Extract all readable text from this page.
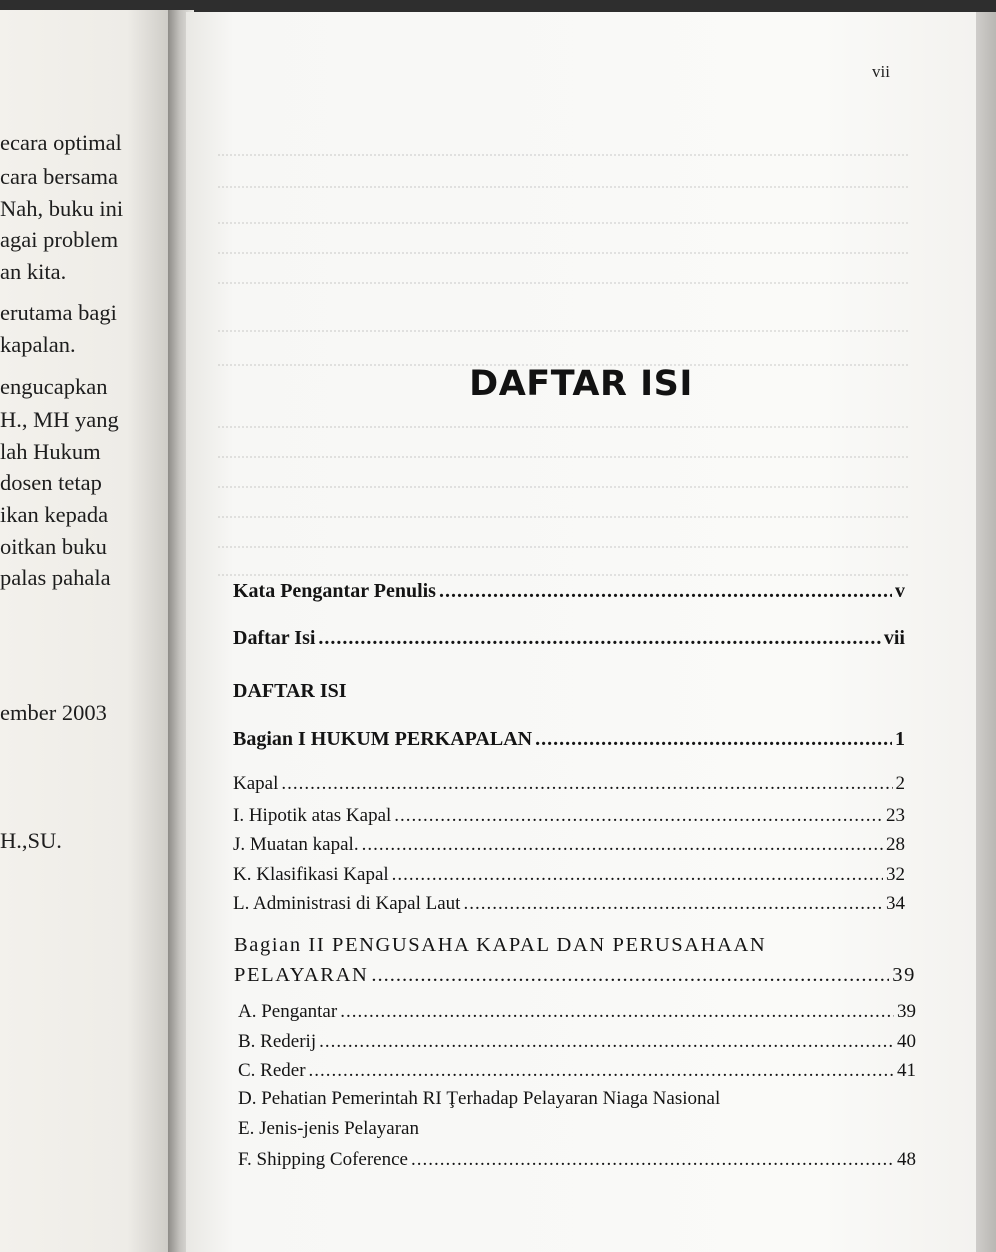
ecara optimal
cara bersama
Nah, buku ini
agai problem
an kita.
erutama bagi
kapalan.
engucapkan
H., MH yang
lah Hukum
dosen tetap
ikan kepada
oitkan buku
palas pahala
ember 2003
H.,SU.
vii
DAFTAR ISI
Kata Pengantar Penulis .....	v
Daftar Isi .....	vii
DAFTAR ISI
Bagian I HUKUM PERKAPALAN .....	1
Kapal .....	2
I. Hipotik atas Kapal .....	23
J. Muatan kapal. .....	28
K. Klasifikasi Kapal .....	32
L. Administrasi di Kapal Laut .....	34
Bagian II PENGUSAHA KAPAL DAN PERUSAHAAN
PELAYARAN .....	39
A. Pengantar .....	39
B. Rederij .....	40
C. Reder .....	41
D. Pehatian Pemerintah RI Ţerhadap Pelayaran Niaga Nasional
E. Jenis-jenis Pelayaran
F. Shipping Coference .....	48
